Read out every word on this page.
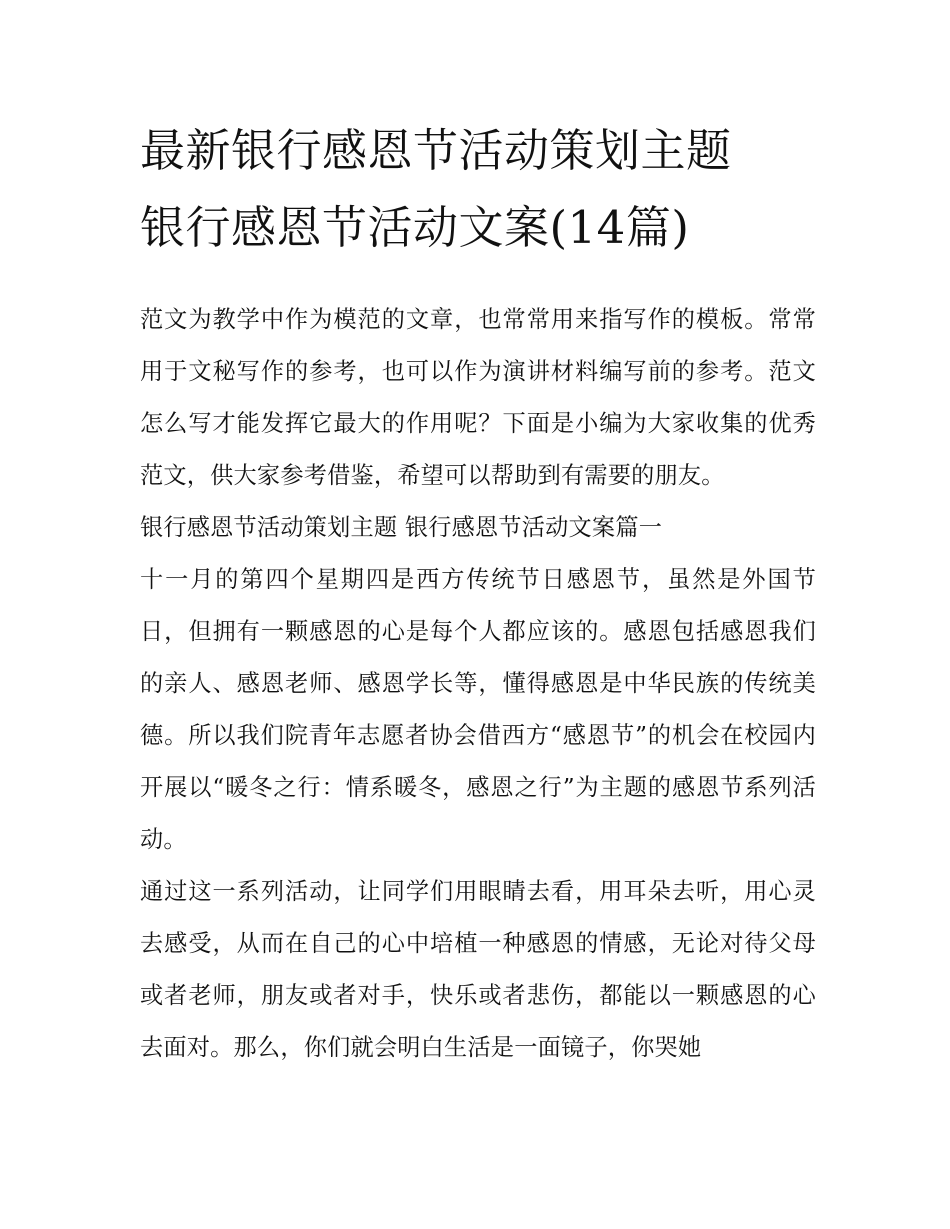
最新银行感恩节活动策划主题
银行感恩节活动文案(14篇)

范文为教学中作为模范的文章，也常常用来指写作的模板。常常用于文秘写作的参考，也可以作为演讲材料编写前的参考。范文怎么写才能发挥它最大的作用呢？下面是小编为大家收集的优秀范文，供大家参考借鉴，希望可以帮助到有需要的朋友。

银行感恩节活动策划主题 银行感恩节活动文案篇一

十一月的第四个星期四是西方传统节日感恩节，虽然是外国节日，但拥有一颗感恩的心是每个人都应该的。感恩包括感恩我们的亲人、感恩老师、感恩学长等，懂得感恩是中华民族的传统美德。所以我们院青年志愿者协会借西方“感恩节”的机会在校园内开展以“暖冬之行：情系暖冬，感恩之行”为主题的感恩节系列活动。

通过这一系列活动，让同学们用眼睛去看，用耳朵去听，用心灵去感受，从而在自己的心中培植一种感恩的情感，无论对待父母或者老师，朋友或者对手，快乐或者悲伤，都能以一颗感恩的心去面对。那么，你们就会明白生活是一面镜子，你哭她
